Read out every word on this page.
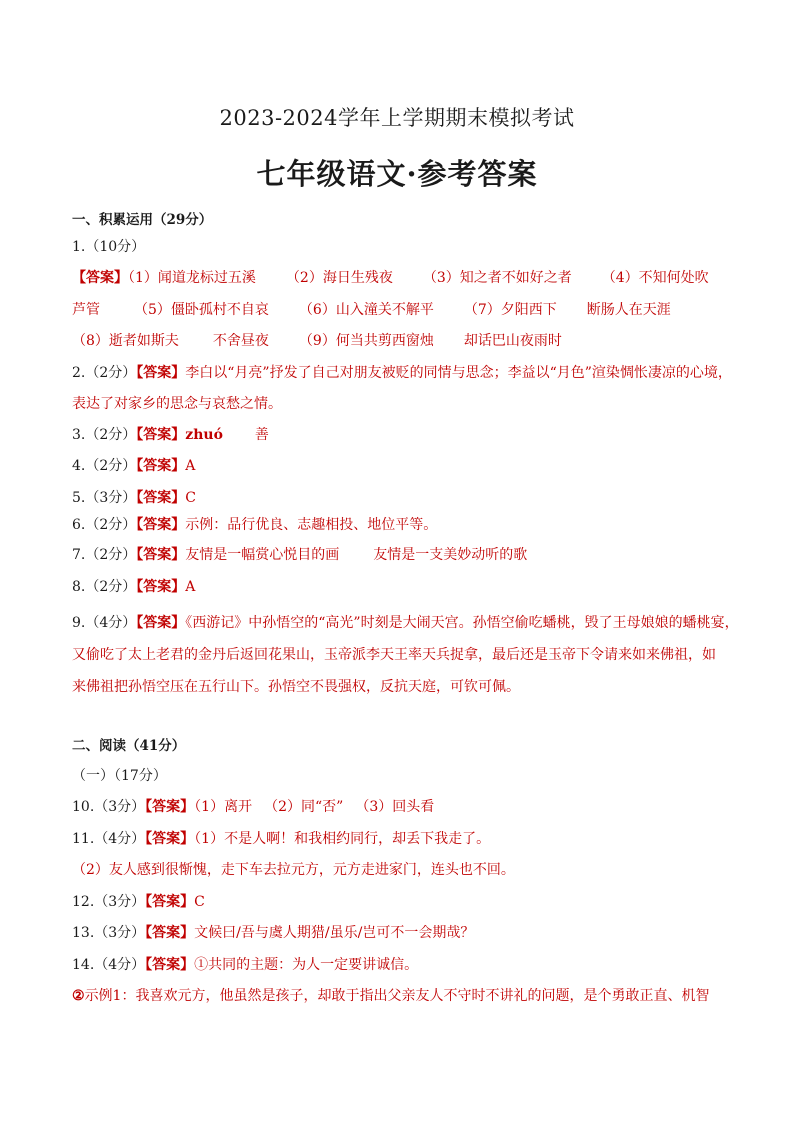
2023-2024学年上学期期末模拟考试
七年级语文·参考答案
一、积累运用（29分）
1.（10分）
【答案】（1）闻道龙标过五溪 （2）海日生残夜 （3）知之者不如好之者 （4）不知何处吹
芦管 （5）僵卧孤村不自哀 （6）山入潼关不解平 （7）夕阳西下 断肠人在天涯
（8）逝者如斯夫 不舍昼夜 （9）何当共剪西窗烛 却话巴山夜雨时
2.（2分）【答案】李白以“月亮”抒发了自己对朋友被贬的同情与思念；李益以“月色”渲染惆怅凄凉的心境，
表达了对家乡的思念与哀愁之情。
3.（2分）【答案】zhuó 善
4.（2分）【答案】A
5.（3分）【答案】C
6.（2分）【答案】示例：品行优良、志趣相投、地位平等。
7.（2分）【答案】友情是一幅赏心悦目的画 友情是一支美妙动听的歌
8.（2分）【答案】A
9.（4分）【答案】《西游记》中孙悟空的“高光”时刻是大闹天宫。孙悟空偷吃蟠桃，毁了王母娘娘的蟠桃宴，
又偷吃了太上老君的金丹后返回花果山，玉帝派李天王率天兵捉拿，最后还是玉帝下令请来如来佛祖，如
来佛祖把孙悟空压在五行山下。孙悟空不畏强权，反抗天庭，可钦可佩。
二、阅读（41分）
（一）（17分）
10.（3分）【答案】（1）离开 （2）同“否” （3）回头看
11.（4分）【答案】（1）不是人啊！和我相约同行，却丢下我走了。
（2）友人感到很惭愧，走下车去拉元方，元方走进家门，连头也不回。
12.（3分）【答案】C
13.（3分）【答案】文候曰/吾与虞人期猎/虽乐/岂可不一会期哉？
14.（4分）【答案】①共同的主题：为人一定要讲诚信。
②示例1：我喜欢元方，他虽然是孩子，却敢于指出父亲友人不守时不讲礼的问题，是个勇敢正直、机智
